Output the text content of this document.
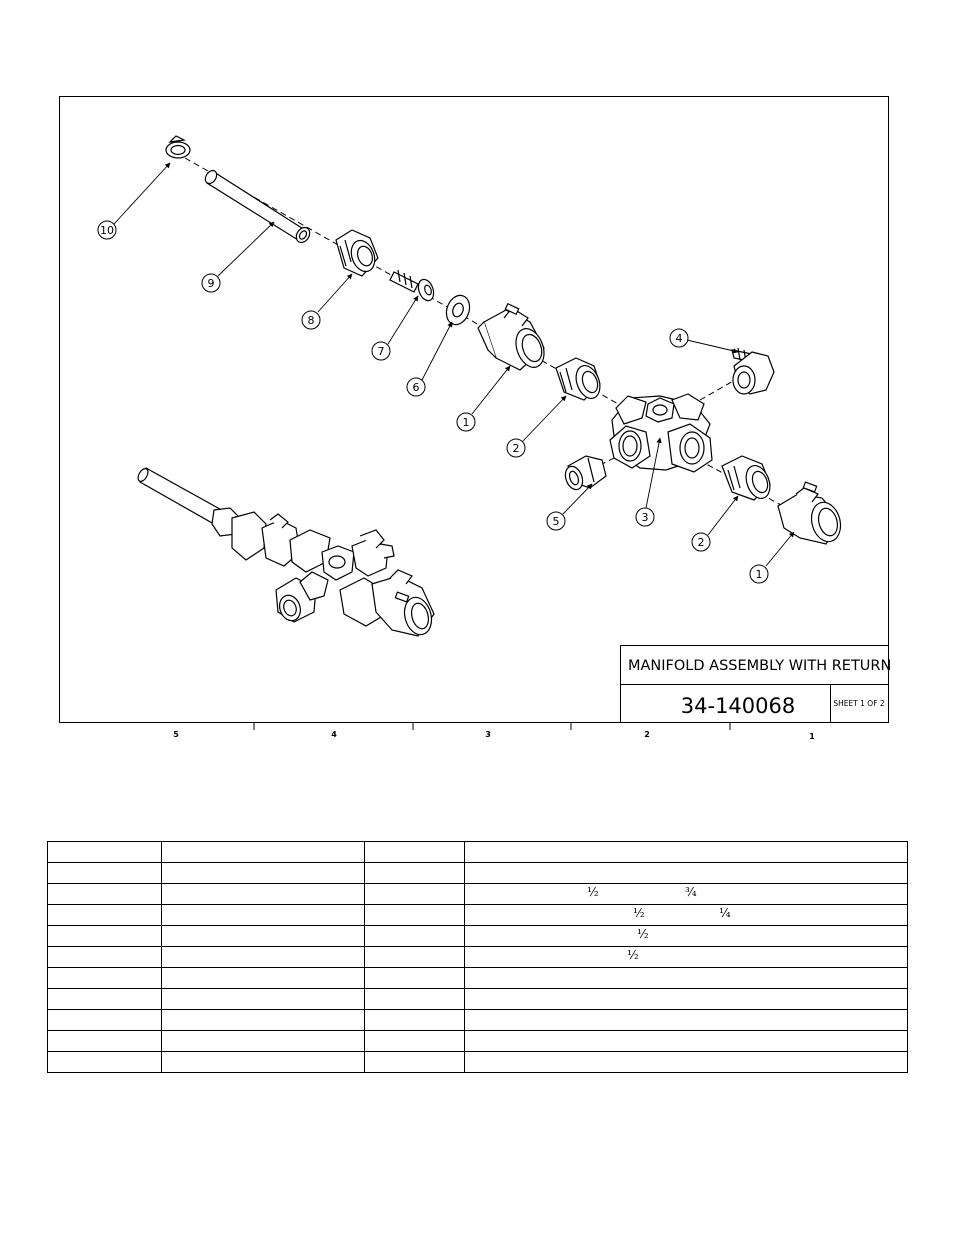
10
9
8
7
6
1
2
4
5	3
2
1
MANIFOLD ASSEMBLY WITH RETURN
34-140068	SHEET 1 OF 2
5	4	3	2	1

			½ ¾

			½ ¼

			½

			½
